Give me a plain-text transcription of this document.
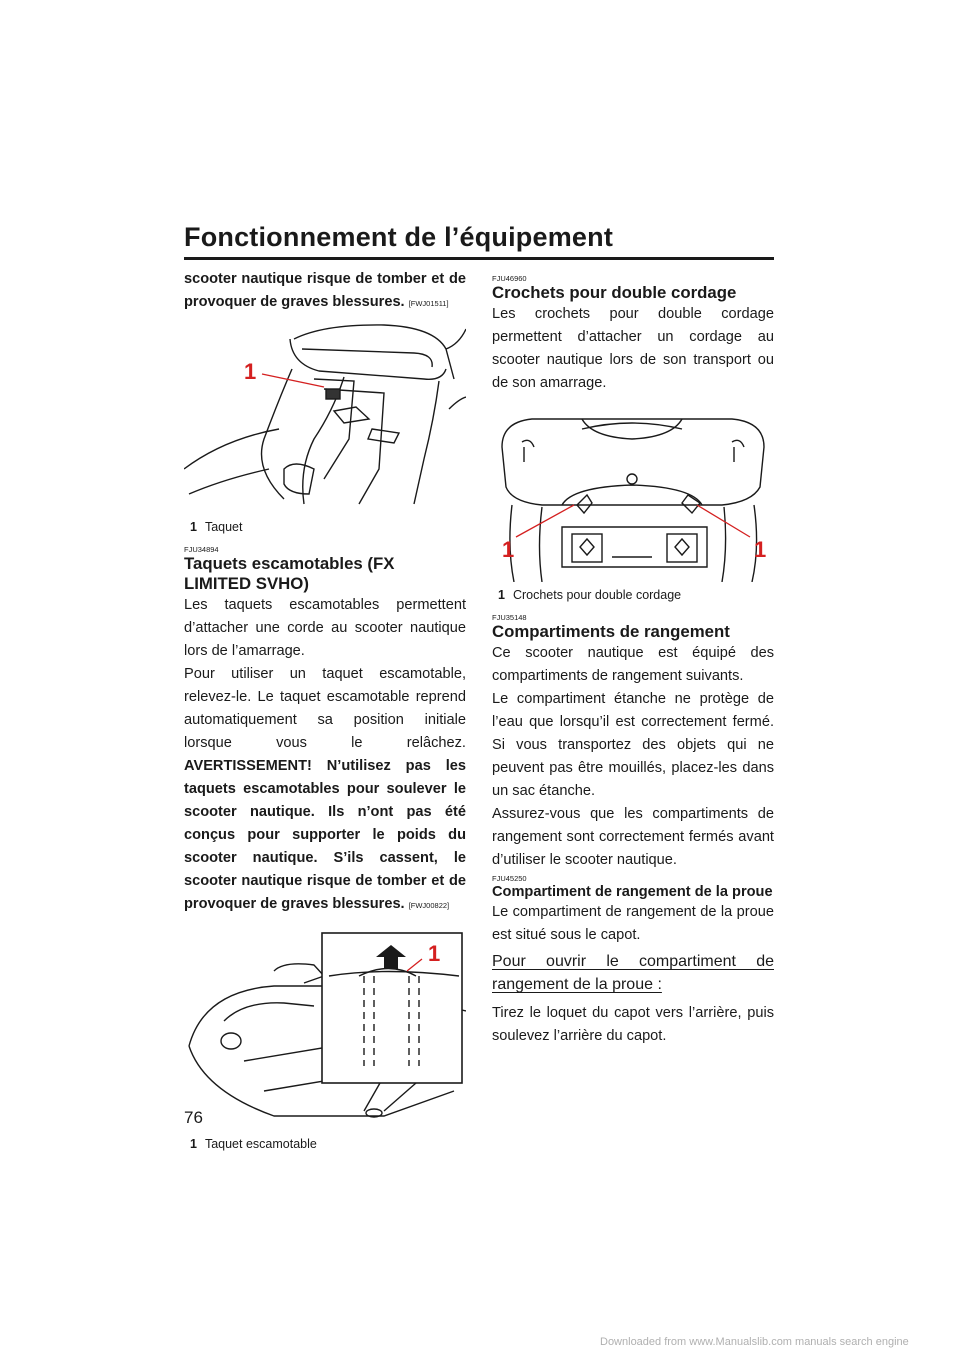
Fonctionnement de l’équipement

scooter nautique risque de tomber et de provoquer de graves blessures. [FWJ01511]

1
1 Taquet
FJU34894
Taquets escamotables (FX LIMITED SVHO)

Les taquets escamotables permettent d’attacher une corde au scooter nautique lors de l’amarrage.

Pour utiliser un taquet escamotable, relevez-le. Le taquet escamotable reprend automatiquement sa position initiale lorsque vous le relâchez. AVERTISSEMENT! N’utilisez pas les taquets escamotables pour soulever le scooter nautique. Ils n’ont pas été conçus pour supporter le poids du scooter nautique. S’ils cassent, le scooter nautique risque de tomber et de provoquer de graves blessures. [FWJ00822]

1
1 Taquet escamotable
FJU46960
Crochets pour double cordage

Les crochets pour double cordage permettent d’attacher un cordage au scooter nautique lors de son transport ou de son amarrage.

1	1
1 Crochets pour double cordage
FJU35148
Compartiments de rangement

Ce scooter nautique est équipé des compartiments de rangement suivants.

Le compartiment étanche ne protège de l’eau que lorsqu’il est correctement fermé. Si vous transportez des objets qui ne peuvent pas être mouillés, placez-les dans un sac étanche.

Assurez-vous que les compartiments de rangement sont correctement fermés avant d’utiliser le scooter nautique.

FJU45250
Compartiment de rangement de la proue

Le compartiment de rangement de la proue est situé sous le capot.

Pour ouvrir le compartiment de rangement de la proue :

Tirez le loquet du capot vers l’arrière, puis soulevez l’arrière du capot.

76
Downloaded from www.Manualslib.com manuals search engine
